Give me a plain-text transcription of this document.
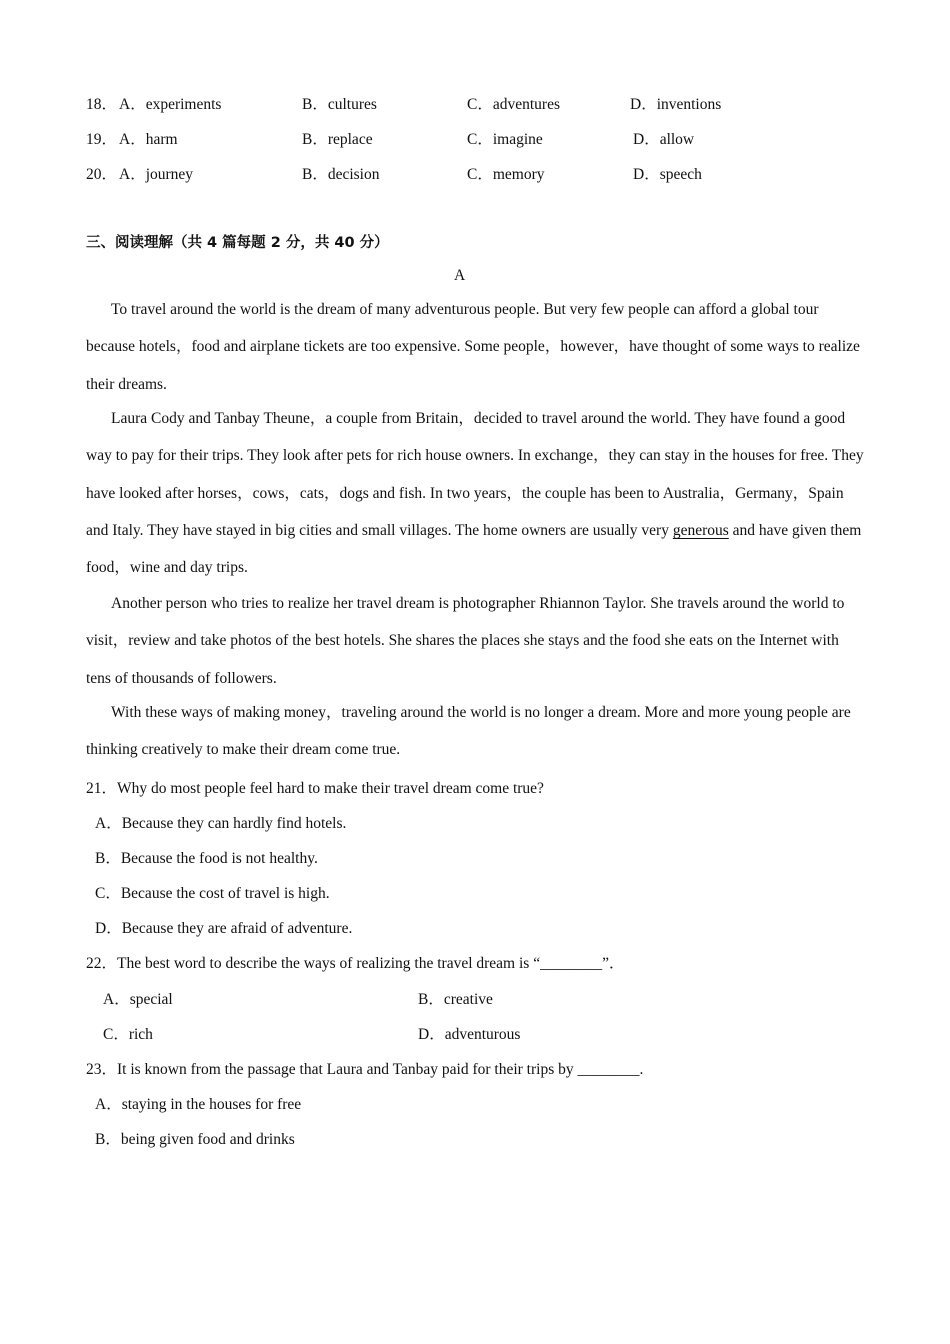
18． A．experiments	B．cultures	C．adventures	D．inventions
19． A．harm	B．replace	C．imagine	D．allow
20． A．journey	B．decision	C．memory	D．speech
三、阅读理解（共 4 篇每题 2 分，共 40 分）
A
To travel around the world is the dream of many adventurous people. But very few people can afford a global tour because hotels，food and airplane tickets are too expensive. Some people，however，have thought of some ways to realize their dreams.
Laura Cody and Tanbay Theune，a couple from Britain，decided to travel around the world. They have found a good way to pay for their trips. They look after pets for rich house owners. In exchange，they can stay in the houses for free. They have looked after horses，cows，cats，dogs and fish. In two years，the couple has been to Australia，Germany，Spain and Italy. They have stayed in big cities and small villages. The home owners are usually very generous and have given them food，wine and day trips.
Another person who tries to realize her travel dream is photographer Rhiannon Taylor. She travels around the world to visit，review and take photos of the best hotels. She shares the places she stays and the food she eats on the Internet with tens of thousands of followers.
With these ways of making money，traveling around the world is no longer a dream. More and more young people are thinking creatively to make their dream come true.
21．Why do most people feel hard to make their travel dream come true?
A．Because they can hardly find hotels.
B．Because the food is not healthy.
C．Because the cost of travel is high.
D．Because they are afraid of adventure.
22．The best word to describe the ways of realizing the travel dream is “________”．
A．special	B．creative
C．rich	D．adventurous
23．It is known from the passage that Laura and Tanbay paid for their trips by ________.
A．staying in the houses for free
B．being given food and drinks
